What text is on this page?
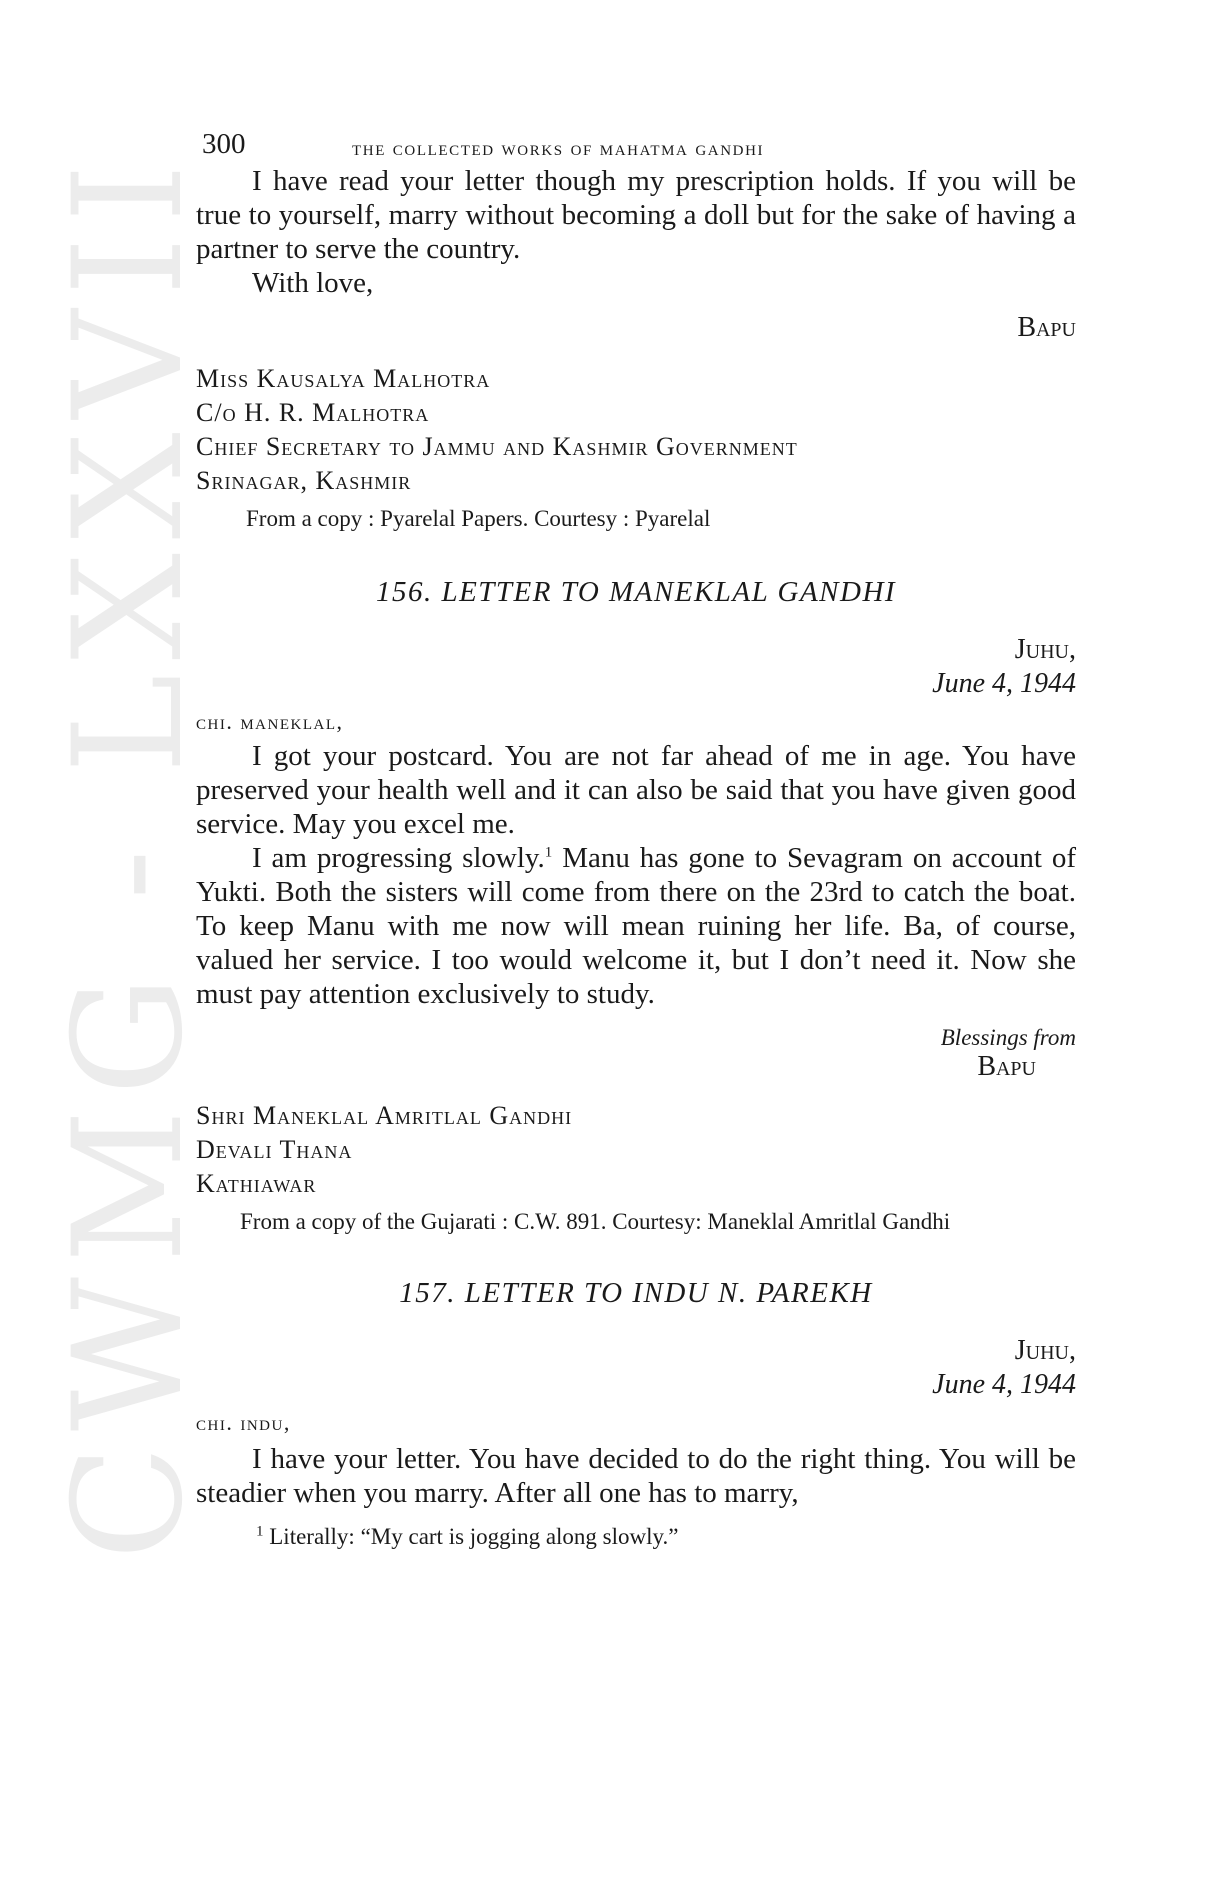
CWMG - LXXVII
300	the collected works of mahatma gandhi

I have read your letter though my prescription holds. If you will be true to yourself, marry without becoming a doll but for the sake of having a partner to serve the country.

With love,

Bapu

Miss Kausalya Malhotra

C/o H. R. Malhotra

Chief Secretary to Jammu and Kashmir Government

Srinagar, Kashmir

From a copy : Pyarelal Papers. Courtesy : Pyarelal

156. LETTER TO MANEKLAL GANDHI

Juhu,

June 4, 1944

chi. maneklal,

I got your postcard. You are not far ahead of me in age. You have preserved your health well and it can also be said that you have given good service. May you excel me.

I am progressing slowly.$^1$ Manu has gone to Sevagram on account of Yukti. Both the sisters will come from there on the 23rd to catch the boat. To keep Manu with me now will mean ruining her life. Ba, of course, valued her service. I too would welcome it, but I don’t need it. Now she must pay attention exclusively to study.

Blessings from

Bapu

Shri Maneklal Amritlal Gandhi

Devali Thana

Kathiawar

From a copy of the Gujarati : C.W. 891. Courtesy: Maneklal Amritlal Gandhi

157. LETTER TO INDU N. PAREKH

Juhu,

June 4, 1944

chi. indu,

I have your letter. You have decided to do the right thing. You will be steadier when you marry. After all one has to marry,

$^1$ Literally: “My cart is jogging along slowly.”
